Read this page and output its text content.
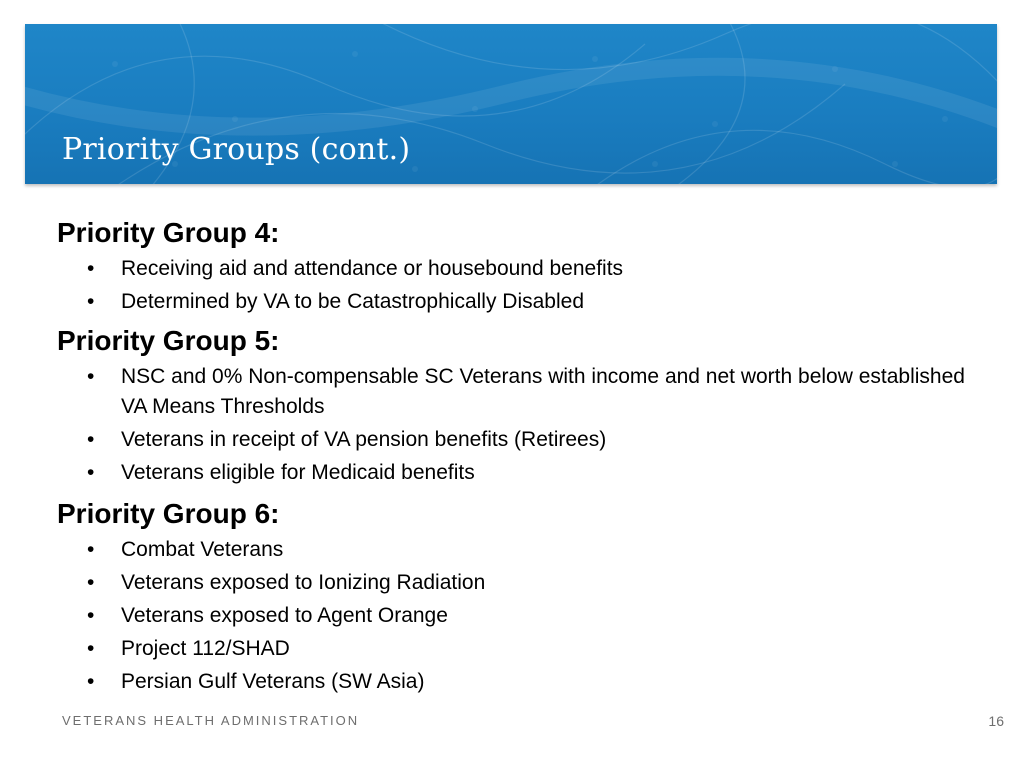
Priority Groups (cont.)
Priority Group 4:
• Receiving aid and attendance or housebound benefits
• Determined by VA to be Catastrophically Disabled
Priority Group 5:
• NSC and 0% Non-compensable SC Veterans with income and net worth below established VA Means Thresholds
• Veterans in receipt of VA pension benefits (Retirees)
• Veterans eligible for Medicaid benefits
Priority Group 6:
• Combat Veterans
• Veterans exposed to Ionizing Radiation
• Veterans exposed to Agent Orange
• Project 112/SHAD
• Persian Gulf Veterans (SW Asia)
VETERANS HEALTH ADMINISTRATION	16
